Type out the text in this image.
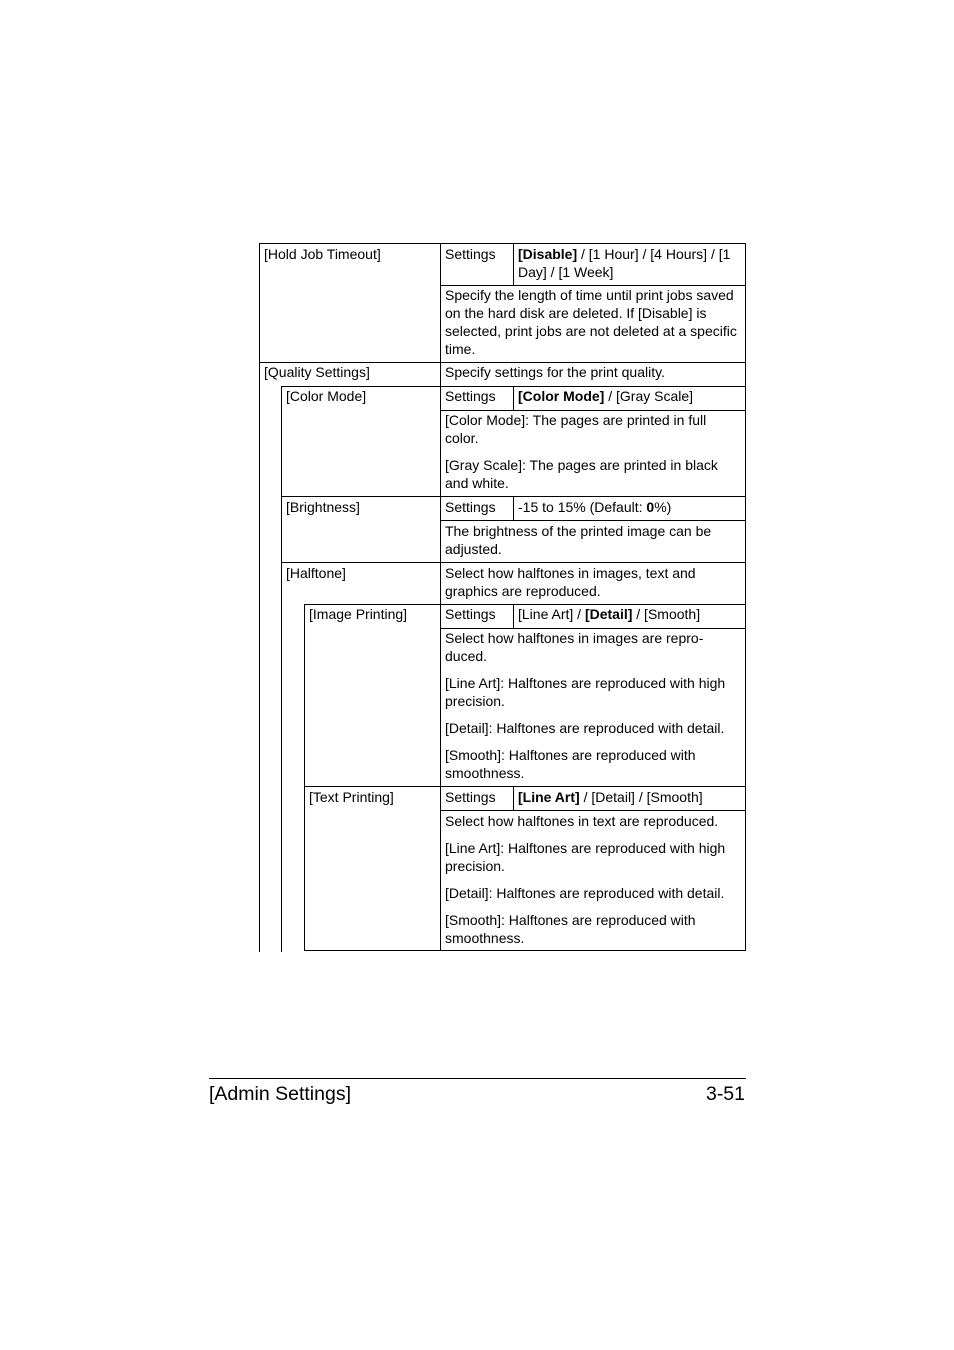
[Hold Job Timeout]	Settings [Disable] / [1 Hour] / [4 Hours] / [1
Day] / [1 Week]
Specify the length of time until print jobs saved
on the hard disk are deleted. If [Disable] is
selected, print jobs are not deleted at a specific
time.
[Quality Settings]	Specify settings for the print quality.
[Color Mode]	Settings [Color Mode] / [Gray Scale]
[Color Mode]: The pages are printed in full
color.
[Gray Scale]: The pages are printed in black
and white.
[Brightness]	Settings -15 to 15% (Default: 0%)
The brightness of the printed image can be
adjusted.
[Halftone]	Select how halftones in images, text and
graphics are reproduced.
[Image Printing]	Settings [Line Art] / [Detail] / [Smooth]
Select how halftones in images are repro-
duced.
[Line Art]: Halftones are reproduced with high
precision.
[Detail]: Halftones are reproduced with detail.
[Smooth]: Halftones are reproduced with
smoothness.
[Text Printing]	Settings [Line Art] / [Detail] / [Smooth]
Select how halftones in text are reproduced.
[Line Art]: Halftones are reproduced with high
precision.
[Detail]: Halftones are reproduced with detail.
[Smooth]: Halftones are reproduced with
smoothness.
[Admin Settings]	3-51
